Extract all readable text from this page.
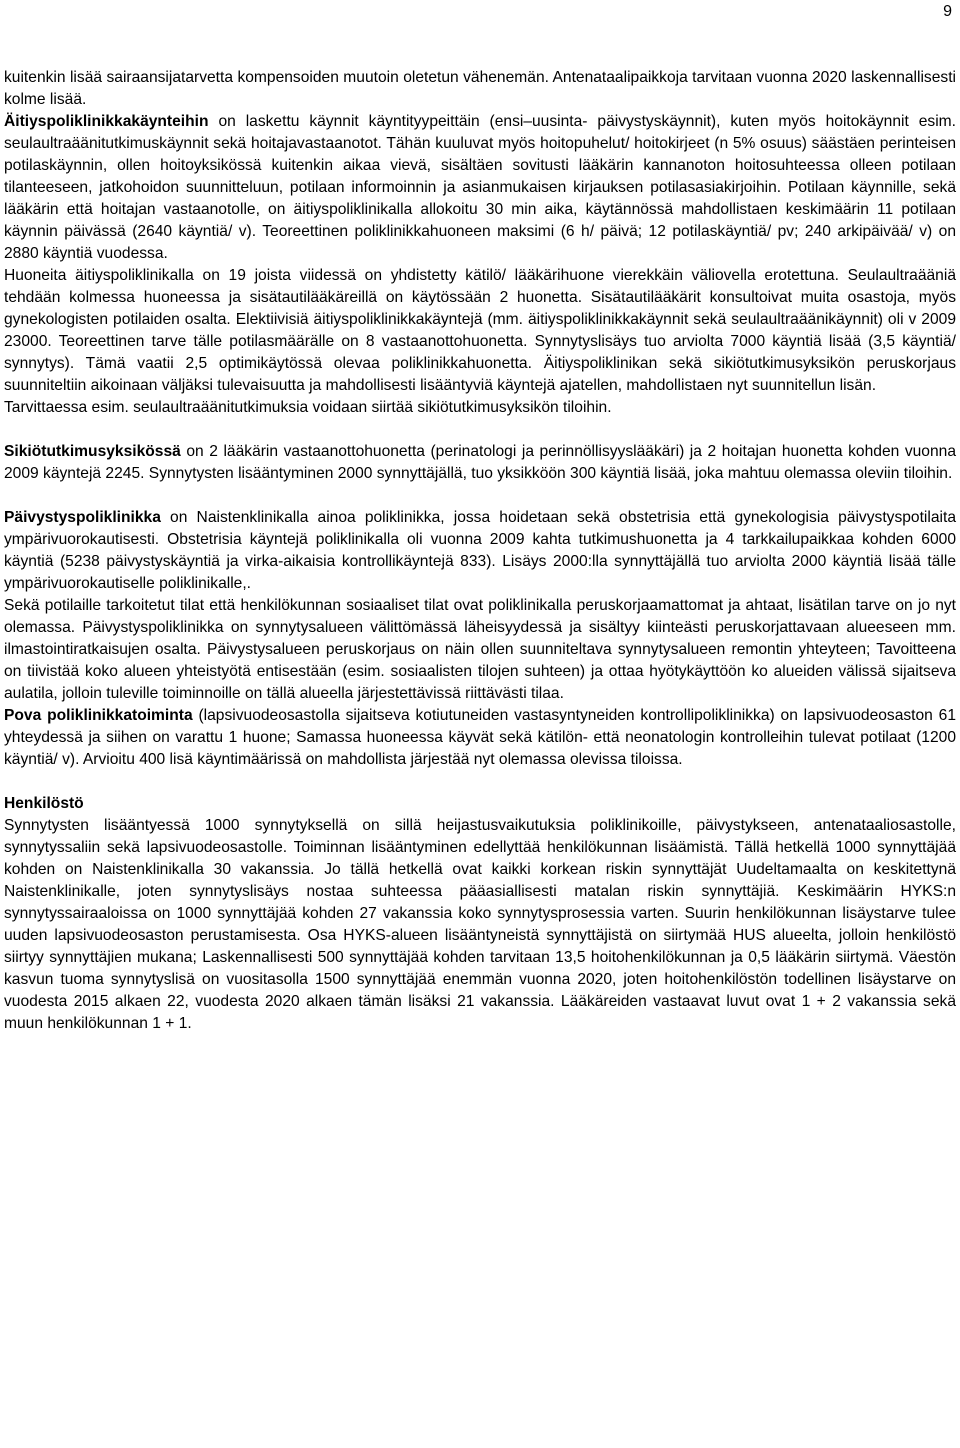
9

kuitenkin lisää sairaansijatarvetta kompensoiden muutoin oletetun vähenemän. Antenataalipaikkoja tarvitaan vuonna 2020 laskennallisesti kolme lisää.

Äitiyspoliklinikkakäynteihin on laskettu käynnit käyntityypeittäin (ensi–uusinta- päivystyskäynnit), kuten myös hoitokäynnit esim. seulaultraäänitutkimuskäynnit sekä hoitajavastaanotot. Tähän kuuluvat myös hoitopuhelut/ hoitokirjeet (n 5% osuus) säästäen perinteisen potilaskäynnin, ollen hoitoyksikössä kuitenkin aikaa vievä, sisältäen sovitusti lääkärin kannanoton hoitosuhteessa olleen potilaan tilanteeseen, jatkohoidon suunnitteluun, potilaan informoinnin ja asianmukaisen kirjauksen potilasasiakirjoihin. Potilaan käynnille, sekä lääkärin että hoitajan vastaanotolle, on äitiyspoliklinikalla allokoitu 30 min aika, käytännössä mahdollistaen keskimäärin 11 potilaan käynnin päivässä (2640 käyntiä/ v). Teoreettinen poliklinikkahuoneen maksimi (6 h/ päivä; 12 potilaskäyntiä/ pv; 240 arkipäivää/ v) on 2880 käyntiä vuodessa.

Huoneita äitiyspoliklinikalla on 19 joista viidessä on yhdistetty kätilö/ lääkärihuone vierekkäin väliovella erotettuna. Seulaultraääniä tehdään kolmessa huoneessa ja sisätautilääkäreillä on käytössään 2 huonetta. Sisätautilääkärit konsultoivat muita osastoja, myös gynekologisten potilaiden osalta. Elektiivisiä äitiyspoliklinikkakäyntejä (mm. äitiyspoliklinikkakäynnit sekä seulaultraäänikäynnit) oli v 2009 23000. Teoreettinen tarve tälle potilasmäärälle on 8 vastaanottohuonetta. Synnytyslisäys tuo arviolta 7000 käyntiä lisää (3,5 käyntiä/ synnytys). Tämä vaatii 2,5 optimikäytössä olevaa poliklinikkahuonetta. Äitiyspoliklinikan sekä sikiötutkimusyksikön peruskorjaus suunniteltiin aikoinaan väljäksi tulevaisuutta ja mahdollisesti lisääntyviä käyntejä ajatellen, mahdollistaen nyt suunnitellun lisän.

Tarvittaessa esim. seulaultraäänitutkimuksia voidaan siirtää sikiötutkimusyksikön tiloihin.

Sikiötutkimusyksikössä on 2 lääkärin vastaanottohuonetta (perinatologi ja perinnöllisyyslääkäri) ja 2 hoitajan huonetta kohden vuonna 2009 käyntejä 2245. Synnytysten lisääntyminen 2000 synnyttäjällä, tuo yksikköön 300 käyntiä lisää, joka mahtuu olemassa oleviin tiloihin.

Päivystyspoliklinikka on Naistenklinikalla ainoa poliklinikka, jossa hoidetaan sekä obstetrisia että gynekologisia päivystyspotilaita ympärivuorokautisesti. Obstetrisia käyntejä poliklinikalla oli vuonna 2009 kahta tutkimushuonetta ja 4 tarkkailupaikkaa kohden 6000 käyntiä (5238 päivystyskäyntiä ja virka-aikaisia kontrollikäyntejä 833). Lisäys 2000:lla synnyttäjällä tuo arviolta 2000 käyntiä lisää tälle ympärivuorokautiselle poliklinikalle,.

Sekä potilaille tarkoitetut tilat että henkilökunnan sosiaaliset tilat ovat poliklinikalla peruskorjaamattomat ja ahtaat, lisätilan tarve on jo nyt olemassa. Päivystyspoliklinikka on synnytysalueen välittömässä läheisyydessä ja sisältyy kiinteästi peruskorjattavaan alueeseen mm. ilmastointiratkaisujen osalta. Päivystysalueen peruskorjaus on näin ollen suunniteltava synnytysalueen remontin yhteyteen; Tavoitteena on tiivistää koko alueen yhteistyötä entisestään (esim. sosiaalisten tilojen suhteen) ja ottaa hyötykäyttöön ko alueiden välissä sijaitseva aulatila, jolloin tuleville toiminnoille on tällä alueella järjestettävissä riittävästi tilaa.

Pova poliklinikkatoiminta (lapsivuodeosastolla sijaitseva kotiutuneiden vastasyntyneiden kontrollipoliklinikka) on lapsivuodeosaston 61 yhteydessä ja siihen on varattu 1 huone; Samassa huoneessa käyvät sekä kätilön- että neonatologin kontrolleihin tulevat potilaat (1200 käyntiä/ v). Arvioitu 400 lisä käyntimäärissä on mahdollista järjestää nyt olemassa olevissa tiloissa.

Henkilöstö

Synnytysten lisääntyessä 1000 synnytyksellä on sillä heijastusvaikutuksia poliklinikoille, päivystykseen, antenataaliosastolle, synnytyssaliin sekä lapsivuodeosastolle. Toiminnan lisääntyminen edellyttää henkilökunnan lisäämistä. Tällä hetkellä 1000 synnyttäjää kohden on Naistenklinikalla 30 vakanssia. Jo tällä hetkellä ovat kaikki korkean riskin synnyttäjät Uudeltamaalta on keskitettynä Naistenklinikalle, joten synnytyslisäys nostaa suhteessa pääasiallisesti matalan riskin synnyttäjiä. Keskimäärin HYKS:n synnytyssairaaloissa on 1000 synnyttäjää kohden 27 vakanssia koko synnytysprosessia varten. Suurin henkilökunnan lisäystarve tulee uuden lapsivuodeosaston perustamisesta. Osa HYKS-alueen lisääntyneistä synnyttäjistä on siirtymää HUS alueelta, jolloin henkilöstö siirtyy synnyttäjien mukana; Laskennallisesti 500 synnyttäjää kohden tarvitaan 13,5 hoitohenkilökunnan ja 0,5 lääkärin siirtymä. Väestön kasvun tuoma synnytyslisä on vuositasolla 1500 synnyttäjää enemmän vuonna 2020, joten hoitohenkilöstön todellinen lisäystarve on vuodesta 2015 alkaen 22, vuodesta 2020 alkaen tämän lisäksi 21 vakanssia. Lääkäreiden vastaavat luvut ovat 1 + 2 vakanssia sekä muun henkilökunnan 1 + 1.
